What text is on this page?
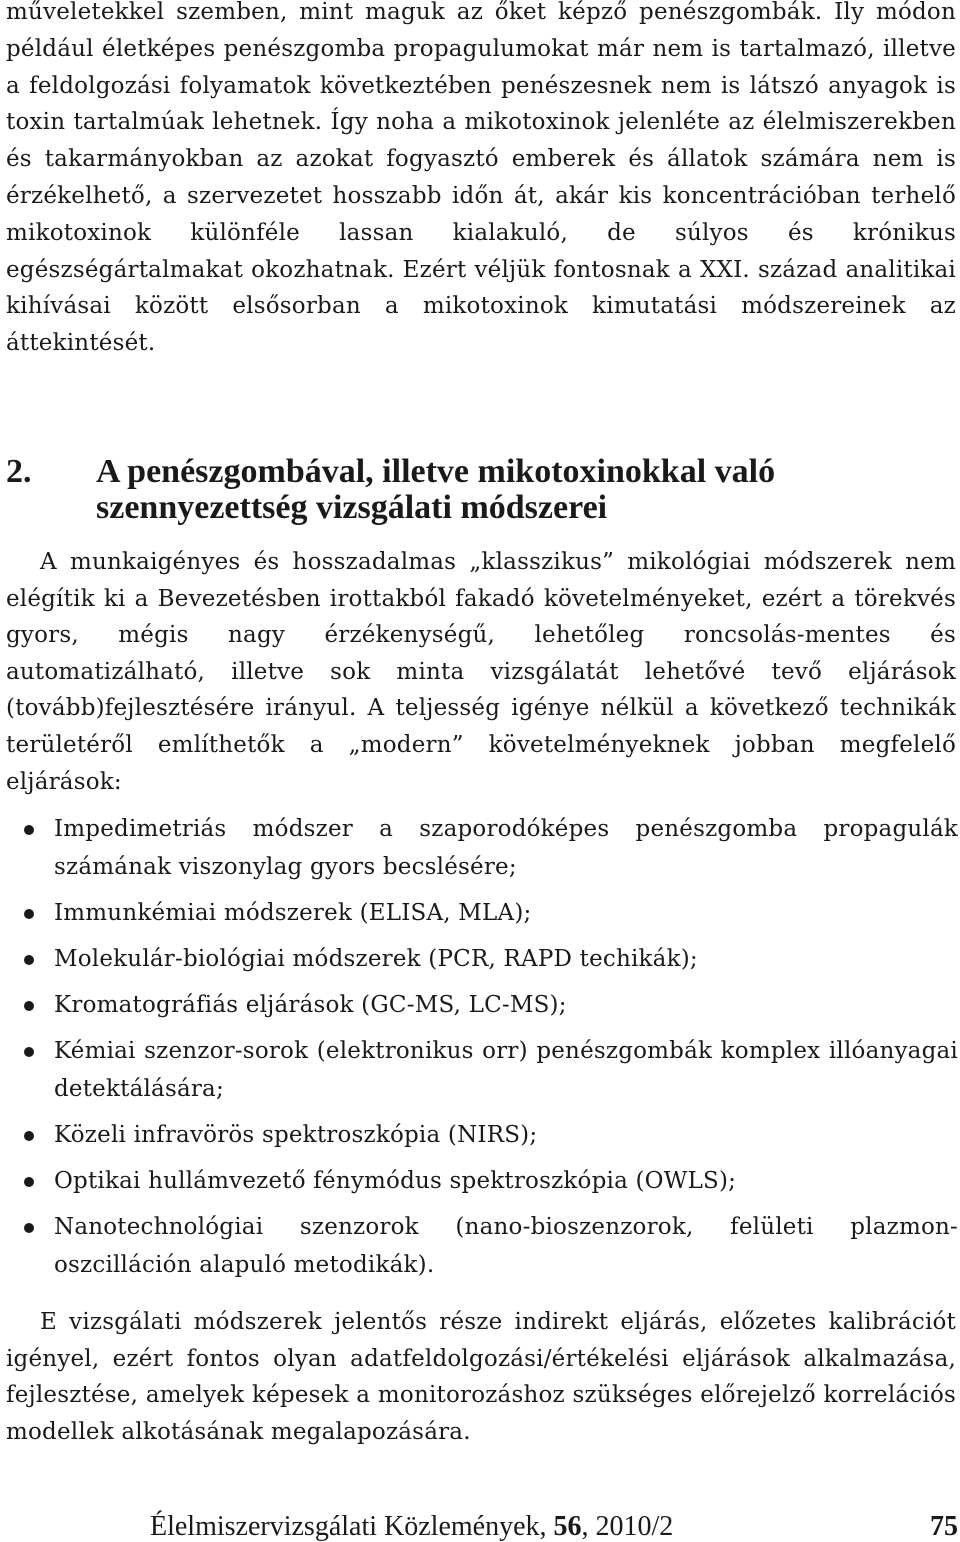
műveletekkel szemben, mint maguk az őket képző penészgombák. Ily módon például életképes penészgomba propagulumokat már nem is tartalmazó, illetve a feldolgozási folyamatok következtében penészesnek nem is látszó anyagok is toxin tartalmúak lehetnek. Így noha a mikotoxinok jelenléte az élelmiszerekben és takarmányokban az azokat fogyasztó emberek és állatok számára nem is érzékelhető, a szervezetet hosszabb időn át, akár kis koncentrációban terhelő mikotoxinok különféle lassan kialakuló, de súlyos és krónikus egészségártalmakat okozhatnak. Ezért véljük fontosnak a XXI. század analitikai kihívásai között elsősorban a mikotoxinok kimutatási módszereinek az áttekintését.

2.	A penészgombával, illetve mikotoxinokkal való szennyezettség vizsgálati módszerei

A munkaigényes és hosszadalmas „klasszikus” mikológiai módszerek nem elégítik ki a Bevezetésben irottakból fakadó követelményeket, ezért a törekvés gyors, mégis nagy érzékenységű, lehetőleg roncsolás-mentes és automatizálható, illetve sok minta vizsgálatát lehetővé tevő eljárások (tovább)fejlesztésére irányul. A teljesség igénye nélkül a következő technikák területéről említhetők a „modern” követelményeknek jobban megfelelő eljárások:

Impedimetriás módszer a szaporodóképes penészgomba propagulák számának viszonylag gyors becslésére;
Immunkémiai módszerek (ELISA, MLA);
Molekulár-biológiai módszerek (PCR, RAPD techikák);
Kromatográfiás eljárások (GC-MS, LC-MS);
Kémiai szenzor-sorok (elektronikus orr) penészgombák komplex illóanyagai detektálására;
Közeli infravörös spektroszkópia (NIRS);
Optikai hullámvezető fénymódus spektroszkópia (OWLS);
Nanotechnológiai szenzorok (nano-bioszenzorok, felületi plazmon-oszcilláción alapuló metodikák).

E vizsgálati módszerek jelentős része indirekt eljárás, előzetes kalibrációt igényel, ezért fontos olyan adatfeldolgozási/értékelési eljárások alkalmazása, fejlesztése, amelyek képesek a monitorozáshoz szükséges előrejelző korrelációs modellek alkotásának megalapozására.

Élelmiszervizsgálati Közlemények, 56, 2010/2	75
